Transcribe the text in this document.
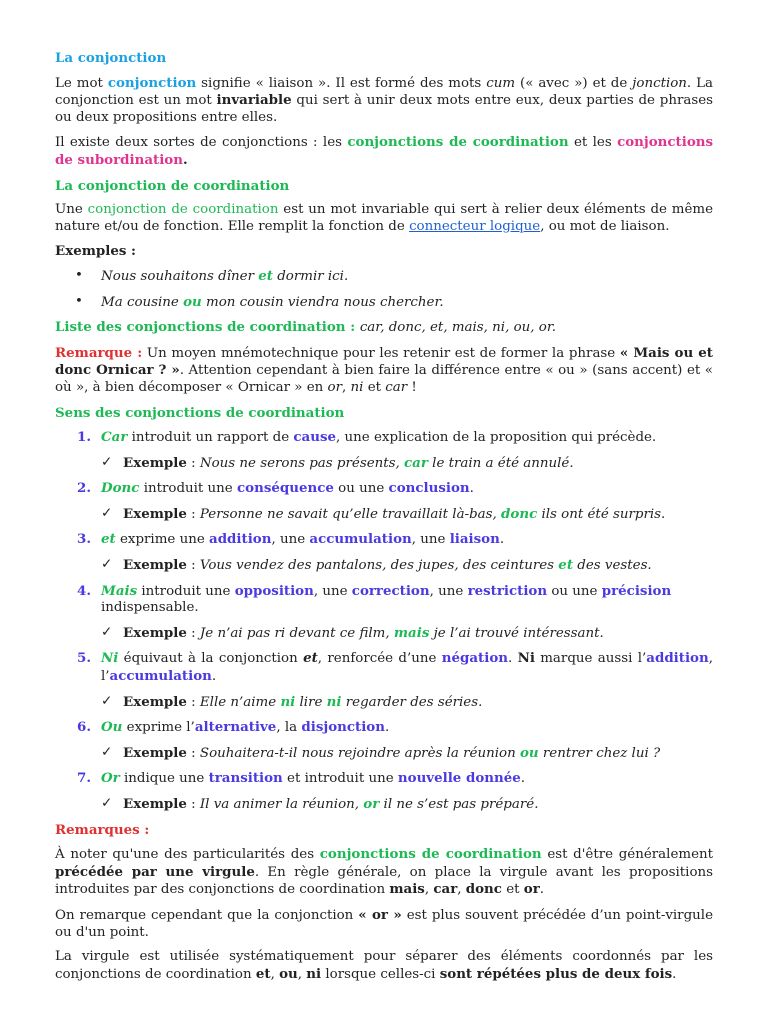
La conjonction

Le mot conjonction signifie « liaison ». Il est formé des mots cum (« avec ») et de jonction. La conjonction est un mot invariable qui sert à unir deux mots entre eux, deux parties de phrases ou deux propositions entre elles.

Il existe deux sortes de conjonctions : les conjonctions de coordination et les conjonctions de subordination.

La conjonction de coordination

Une conjonction de coordination est un mot invariable qui sert à relier deux éléments de même nature et/ou de fonction. Elle remplit la fonction de connecteur logique, ou mot de liaison.

Exemples :

• Nous souhaitons dîner et dormir ici.
• Ma cousine ou mon cousin viendra nous chercher.

Liste des conjonctions de coordination : car, donc, et, mais, ni, ou, or.

Remarque : Un moyen mnémotechnique pour les retenir est de former la phrase « Mais ou et donc Ornicar ? ». Attention cependant à bien faire la différence entre « ou » (sans accent) et « où », à bien décomposer « Ornicar » en or, ni et car !

Sens des conjonctions de coordination

1. Car introduit un rapport de cause, une explication de la proposition qui précède.
✓ Exemple : Nous ne serons pas présents, car le train a été annulé.
2. Donc introduit une conséquence ou une conclusion.
✓ Exemple : Personne ne savait qu’elle travaillait là-bas, donc ils ont été surpris.
3. et exprime une addition, une accumulation, une liaison.
✓ Exemple : Vous vendez des pantalons, des jupes, des ceintures et des vestes.
4. Mais introduit une opposition, une correction, une restriction ou une précision indispensable.
✓ Exemple : Je n’ai pas ri devant ce film, mais je l’ai trouvé intéressant.
5. Ni équivaut à la conjonction et, renforcée d’une négation. Ni marque aussi l’addition, l’accumulation.
✓ Exemple : Elle n’aime ni lire ni regarder des séries.
6. Ou exprime l’alternative, la disjonction.
✓ Exemple : Souhaitera-t-il nous rejoindre après la réunion ou rentrer chez lui ?
7. Or indique une transition et introduit une nouvelle donnée.
✓ Exemple : Il va animer la réunion, or il ne s’est pas préparé.

Remarques :

À noter qu'une des particularités des conjonctions de coordination est d'être généralement précédée par une virgule. En règle générale, on place la virgule avant les propositions introduites par des conjonctions de coordination mais, car, donc et or.

On remarque cependant que la conjonction « or » est plus souvent précédée d’un point-virgule ou d'un point.

La virgule est utilisée systématiquement pour séparer des éléments coordonnés par les conjonctions de coordination et, ou, ni lorsque celles-ci sont répétées plus de deux fois.
